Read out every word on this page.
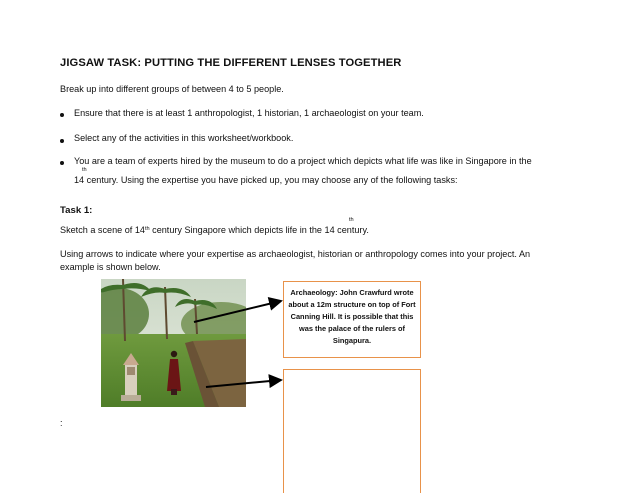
JIGSAW TASK: PUTTING THE DIFFERENT LENSES TOGETHER
Break up into different groups of between 4 to 5 people.
Ensure that there is at least 1 anthropologist, 1 historian, 1 archaeologist on your team.
Select any of the activities in this worksheet/workbook.
You are a team of experts hired by the museum to do a project which depicts what life was like in Singapore in the
th
14 century. Using the expertise you have picked up, you may choose any of the following tasks:
Task 1:
th
Sketch a scene of 14th century Singapore which depicts life in the 14 century.
Using arrows to indicate where your expertise as archaeologist, historian or anthropology comes into your project. An
example is shown below.
Archaeology: John Crawfurd wrote about a 12m structure on top of Fort Canning Hill. It is possible that this was the palace of the rulers of Singapura.
:
